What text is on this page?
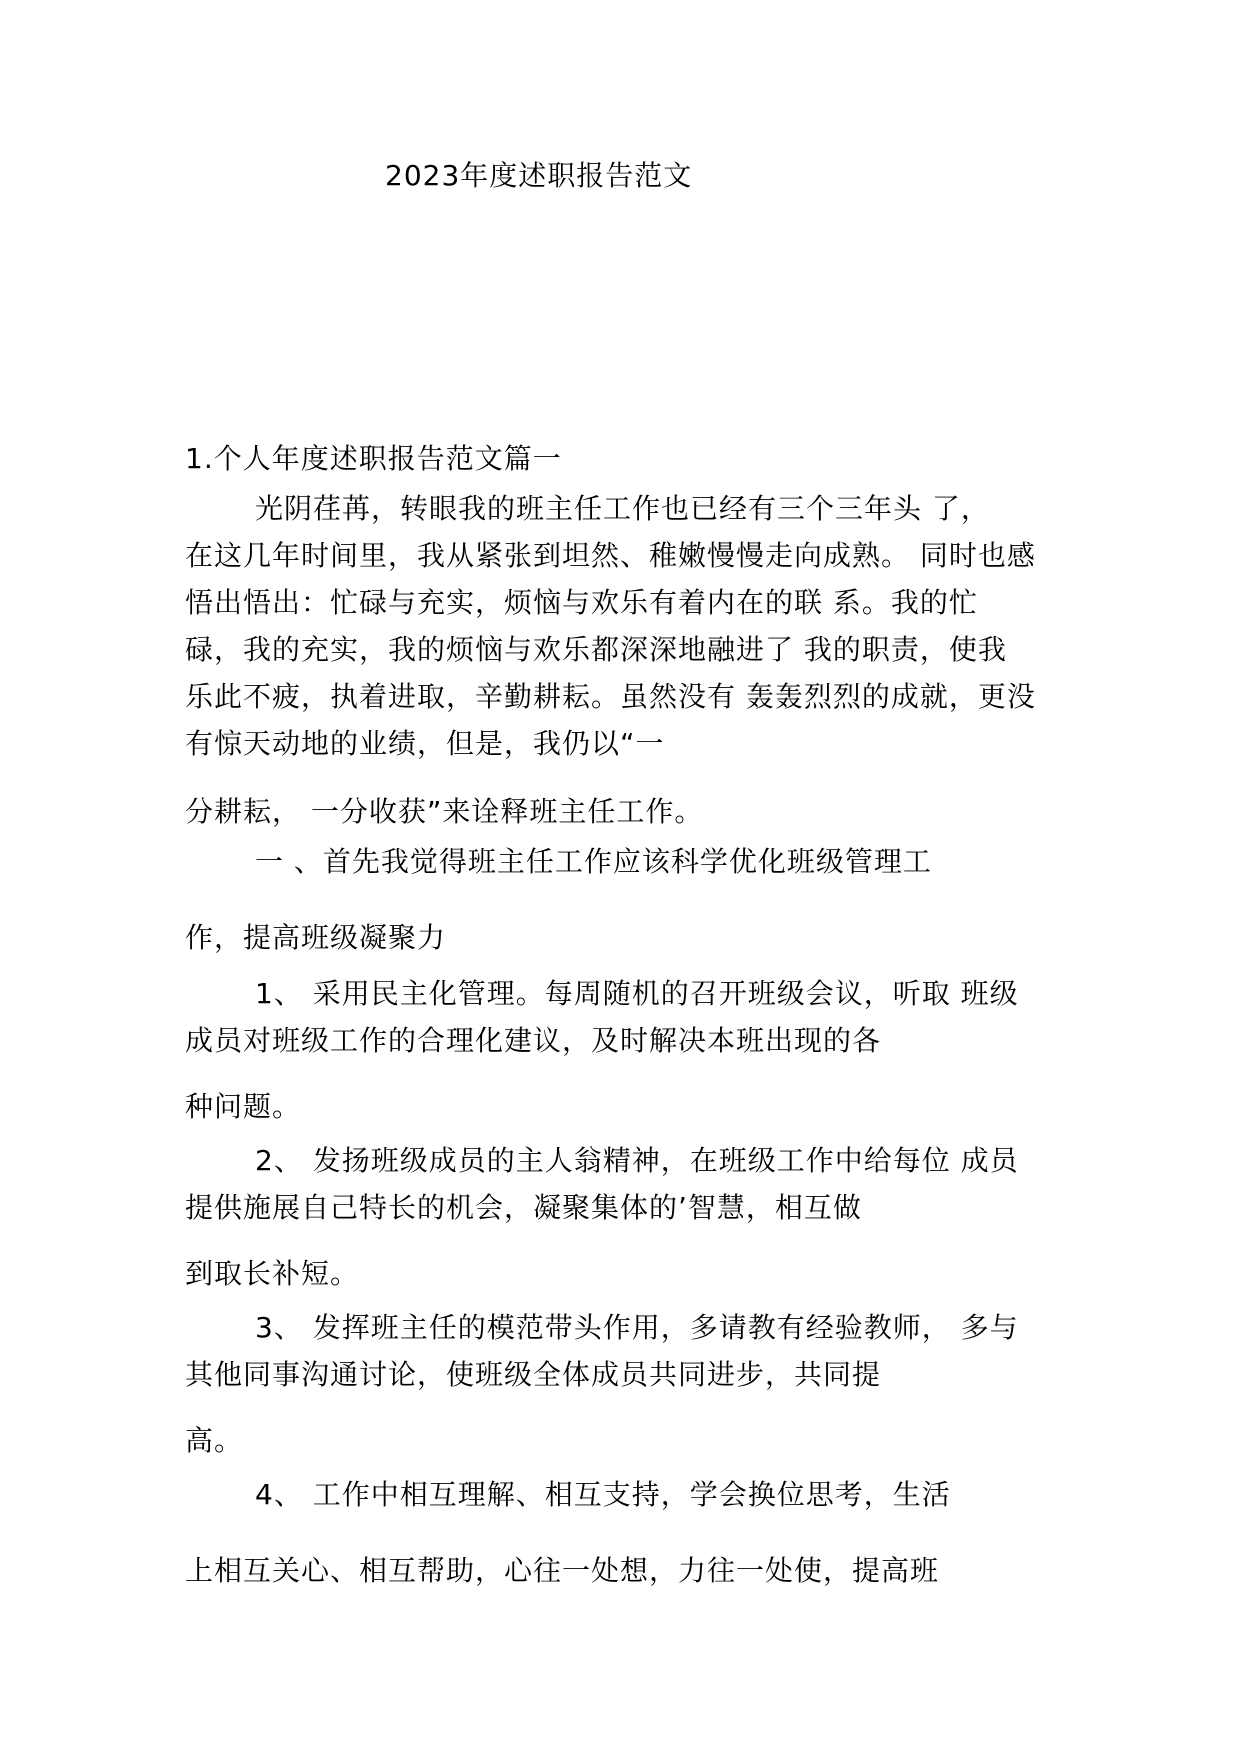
2023年度述职报告范文
1.个人年度述职报告范文篇一
光阴荏苒，转眼我的班主任工作也已经有三个三年头 了，
在这几年时间里，我从紧张到坦然、稚嫩慢慢走向成熟。 同时也感
悟出悟出：忙碌与充实，烦恼与欢乐有着内在的联 系。我的忙
碌，我的充实，我的烦恼与欢乐都深深地融进了 我的职责，使我
乐此不疲，执着进取，辛勤耕耘。虽然没有 轰轰烈烈的成就，更没
有惊天动地的业绩，但是，我仍以“一
分耕耘， 一分收获”来诠释班主任工作。
一 、首先我觉得班主任工作应该科学优化班级管理工
作，提高班级凝聚力
1、 采用民主化管理。每周随机的召开班级会议，听取 班级
成员对班级工作的合理化建议，及时解决本班出现的各
种问题。
2、 发扬班级成员的主人翁精神，在班级工作中给每位 成员
提供施展自己特长的机会，凝聚集体的’智慧，相互做
到取长补短。
3、 发挥班主任的模范带头作用，多请教有经验教师， 多与
其他同事沟通讨论，使班级全体成员共同进步，共同提
高。
4、 工作中相互理解、相互支持，学会换位思考，生活
上相互关心、相互帮助，心往一处想，力往一处使，提高班
